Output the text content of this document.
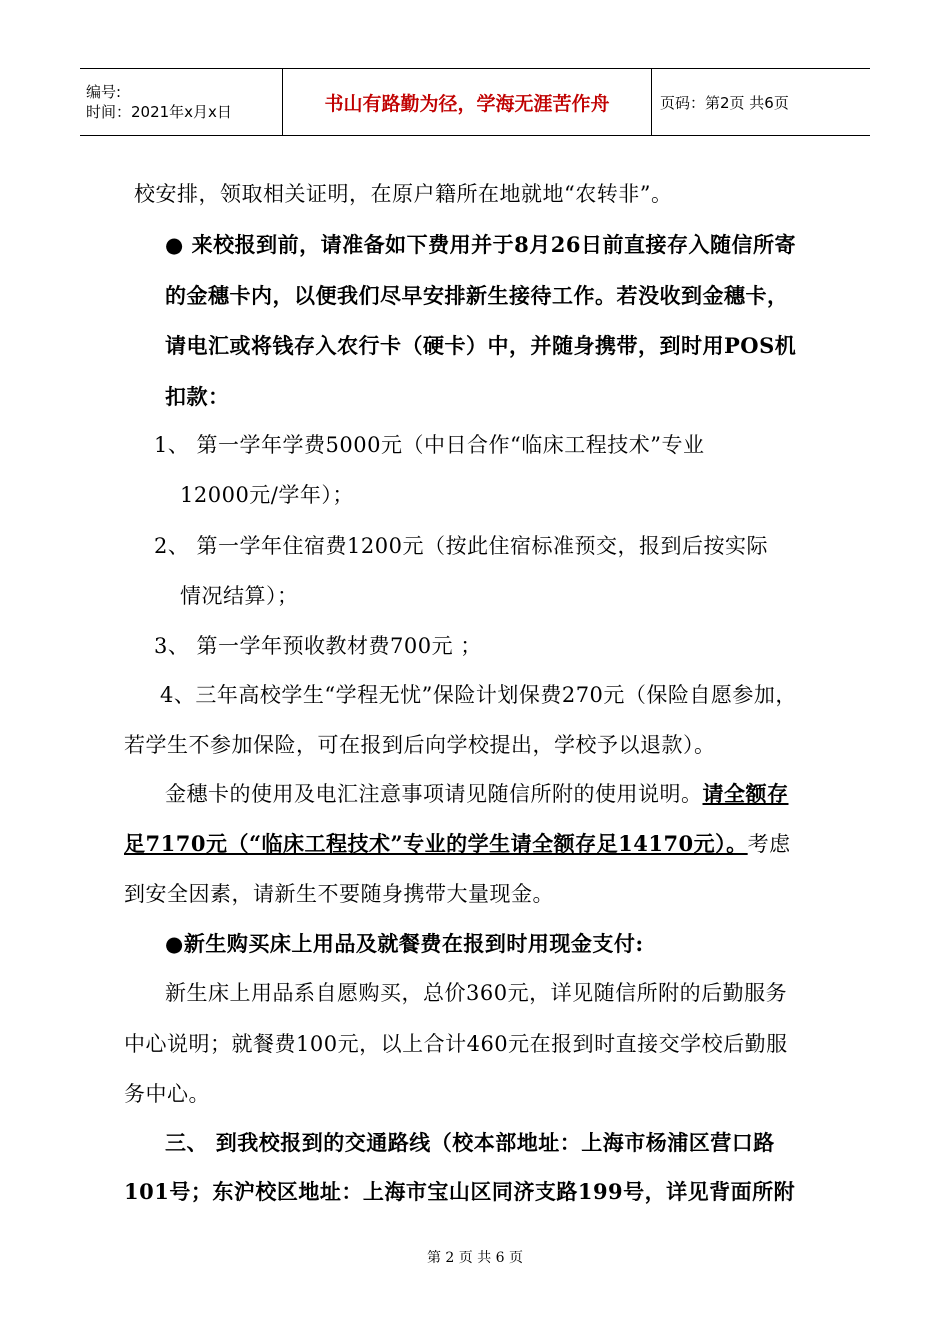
编号:
时间：2021年x月x日	书山有路勤为径，学海无涯苦作舟	页码：第2页 共6页
校安排，领取相关证明，在原户籍所在地就地“农转非”。
● 来校报到前，请准备如下费用并于8月26日前直接存入随信所寄
的金穗卡内，以便我们尽早安排新生接待工作。若没收到金穗卡，
请电汇或将钱存入农行卡（硬卡）中，并随身携带，到时用POS机
扣款：
1、 第一学年学费5000元（中日合作“临床工程技术”专业
12000元/学年）；
2、 第一学年住宿费1200元（按此住宿标准预交，报到后按实际
情况结算）；
3、 第一学年预收教材费700元 ；
4、三年高校学生“学程无忧”保险计划保费270元（保险自愿参加，
若学生不参加保险，可在报到后向学校提出，学校予以退款）。
金穗卡的使用及电汇注意事项请见随信所附的使用说明。请全额存
足7170元（“临床工程技术”专业的学生请全额存足14170元）。考虑
到安全因素，请新生不要随身携带大量现金。
●新生购买床上用品及就餐费在报到时用现金支付:
新生床上用品系自愿购买，总价360元，详见随信所附的后勤服务
中心说明；就餐费100元，以上合计460元在报到时直接交学校后勤服
务中心。
三、 到我校报到的交通路线（校本部地址：上海市杨浦区营口路
101号；东沪校区地址：上海市宝山区同济支路199号，详见背面所附
第 2 页 共 6 页
